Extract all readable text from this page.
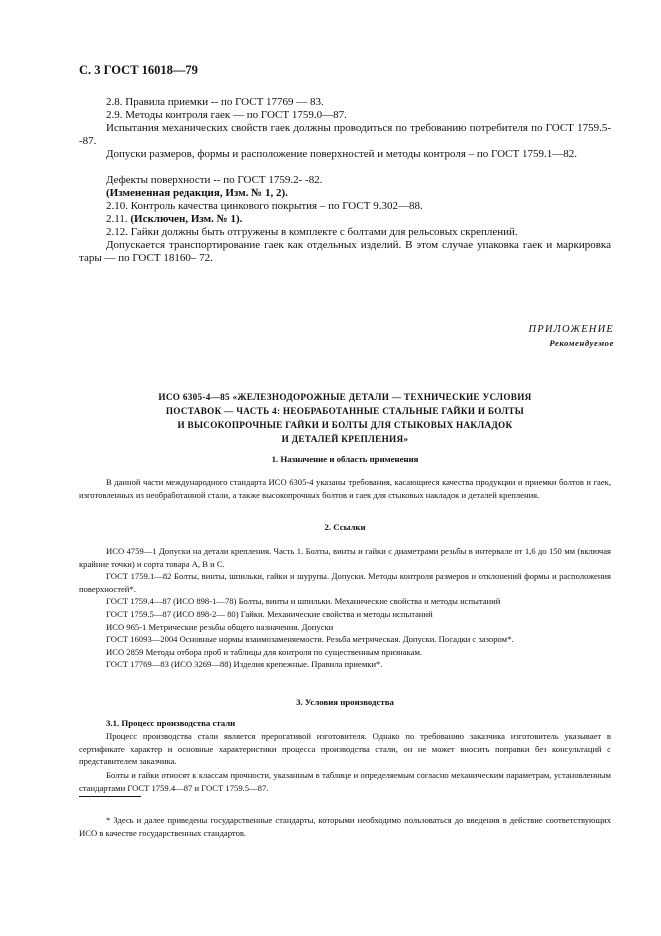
С. 3 ГОСТ 16018—79
2.8. Правила приемки -- по ГОСТ 17769 — 83.
2.9. Методы контроля гаек — по ГОСТ 1759.0—87.
Испытания механических свойств гаек должны проводиться по требованию потребителя по ГОСТ 1759.5--87.
Допуски размеров, формы и расположение поверхностей и методы контроля – по ГОСТ 1759.1—82.
Дефекты поверхности -- по ГОСТ 1759.2- -82.
(Измененная редакция, Изм. № 1, 2).
2.10. Контроль качества цинкового покрытия – по ГОСТ 9.302—88.
2.11. (Исключен, Изм. № 1).
2.12. Гайки должны быть отгружены в комплекте с болтами для рельсовых скреплений.
Допускается транспортирование гаек как отдельных изделий. В этом случае упаковка гаек и маркировка тары — по ГОСТ 18160– 72.
ПРИЛОЖЕНИЕ
Рекомендуемое
ИСО 6305-4—85 «ЖЕЛЕЗНОДОРОЖНЫЕ ДЕТАЛИ — ТЕХНИЧЕСКИЕ УСЛОВИЯ
ПОСТАВОК — ЧАСТЬ 4: НЕОБРАБОТАННЫЕ СТАЛЬНЫЕ ГАЙКИ И БОЛТЫ
И ВЫСОКОПРОЧНЫЕ ГАЙКИ И БОЛТЫ ДЛЯ СТЫКОВЫХ НАКЛАДОК
И ДЕТАЛЕЙ КРЕПЛЕНИЯ»
1. Назначение и область применения
В данной части международного стандарта ИСО 6305-4 указаны требования, касающиеся качества продукции и приемки болтов и гаек, изготовленных из необработанной стали, а также высокопрочных болтов и гаек для стыковых накладок и деталей крепления.
2. Ссылки
ИСО 4759—1 Допуски на детали крепления. Часть 1. Болты, винты и гайки с диаметрами резьбы в интервале от 1,6 до 150 мм (включая крайние точки) и сорта товара А, В и С.
ГОСТ 1759.1—82 Болты, винты, шпильки, гайки и шурупы. Допуски. Методы контроля размеров и отклонений формы и расположения поверхностей*.
ГОСТ 1759.4—87 (ИСО 898-1—78) Болты, винты и шпильки. Механические свойства и методы испытаний
ГОСТ 1759.5—87 (ИСО 898-2— 80) Гайки. Механические свойства и методы испытаний
ИСО 965-1 Метрические резьбы общего назначения. Допуски
ГОСТ 16093—2004 Основные нормы взаимозаменяемости. Резьба метрическая. Допуски. Посадки с зазором*.
ИСО 2859 Методы отбора проб и таблицы для контроля по существенным признакам.
ГОСТ 17769—83 (ИСО 3269—88) Изделия крепежные. Правила приемки*.
3. Условия производства
3.1. Процесс производства стали
Процесс производства стали является прерогативой изготовителя. Однако по требованию заказчика изготовитель указывает в сертификате характер и основные характеристики процесса производства стали, он не может вносить поправки без консультаций с представителем заказчика.
Болты и гайки относят к классам прочности, указанным в таблице и определяемым согласно механическим параметрам, установленным стандартами ГОСТ 1759.4—87 и ГОСТ 1759.5—87.
* Здесь и далее приведены государственные стандарты, которыми необходимо пользоваться до введения в действие соответствующих ИСО в качестве государственных стандартов.
